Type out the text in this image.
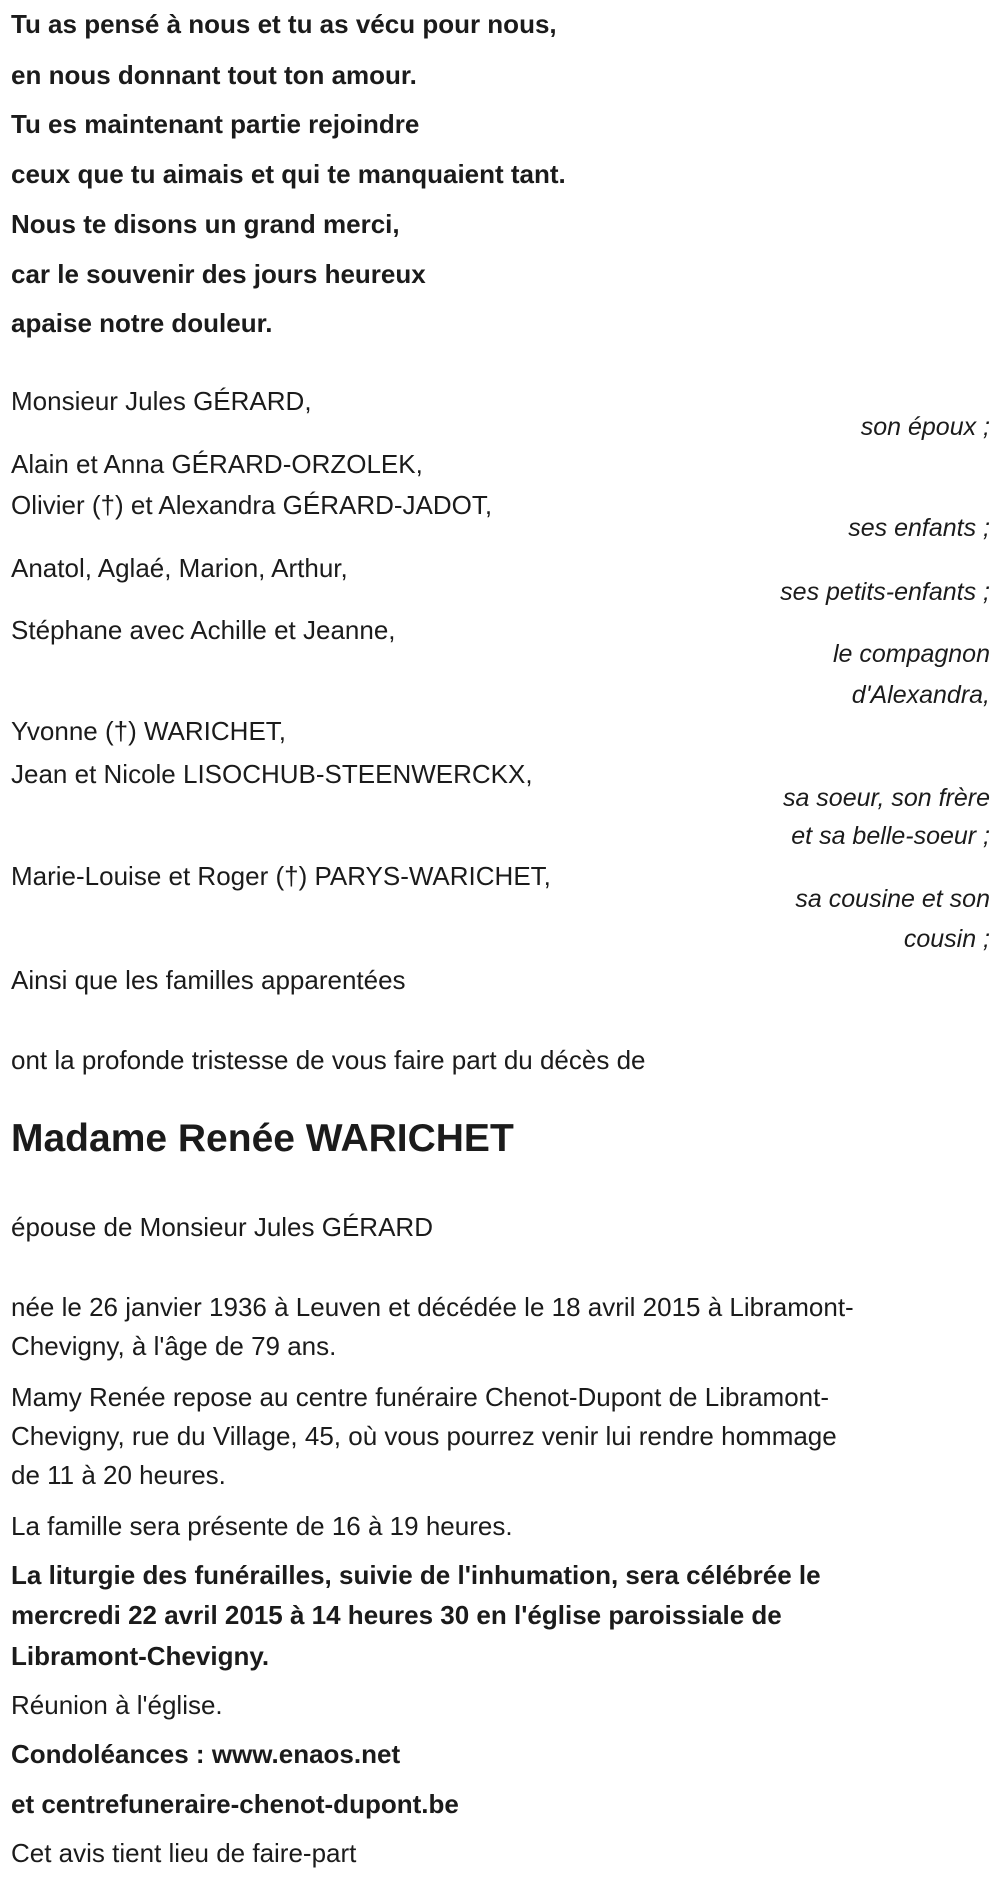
Tu as pensé à nous et tu as vécu pour nous,
en nous donnant tout ton amour.
Tu es maintenant partie rejoindre
ceux que tu aimais et qui te manquaient tant.
Nous te disons un grand merci,
car le souvenir des jours heureux
apaise notre douleur.
Monsieur Jules GÉRARD,
son époux ;
Alain et Anna GÉRARD-ORZOLEK,
Olivier (†) et Alexandra GÉRARD-JADOT,
ses enfants ;
Anatol, Aglaé, Marion, Arthur,
ses petits-enfants ;
Stéphane avec Achille et Jeanne,
le compagnon
d'Alexandra,
Yvonne (†) WARICHET,
Jean et Nicole LISOCHUB-STEENWERCKX,
sa soeur, son frère
et sa belle-soeur ;
Marie-Louise et Roger (†) PARYS-WARICHET,
sa cousine et son
cousin ;
Ainsi que les familles apparentées
ont la profonde tristesse de vous faire part du décès de
Madame Renée WARICHET
épouse de Monsieur Jules GÉRARD
née le 26 janvier 1936 à Leuven et décédée le 18 avril 2015 à Libramont-
Chevigny, à l'âge de 79 ans.
Mamy Renée repose au centre funéraire Chenot-Dupont de Libramont-
Chevigny, rue du Village, 45, où vous pourrez venir lui rendre hommage
de 11 à 20 heures.
La famille sera présente de 16 à 19 heures.
La liturgie des funérailles, suivie de l'inhumation, sera célébrée le
mercredi 22 avril 2015 à 14 heures 30 en l'église paroissiale de
Libramont-Chevigny.
Réunion à l'église.
Condoléances : www.enaos.net
et centrefuneraire-chenot-dupont.be
Cet avis tient lieu de faire-part
